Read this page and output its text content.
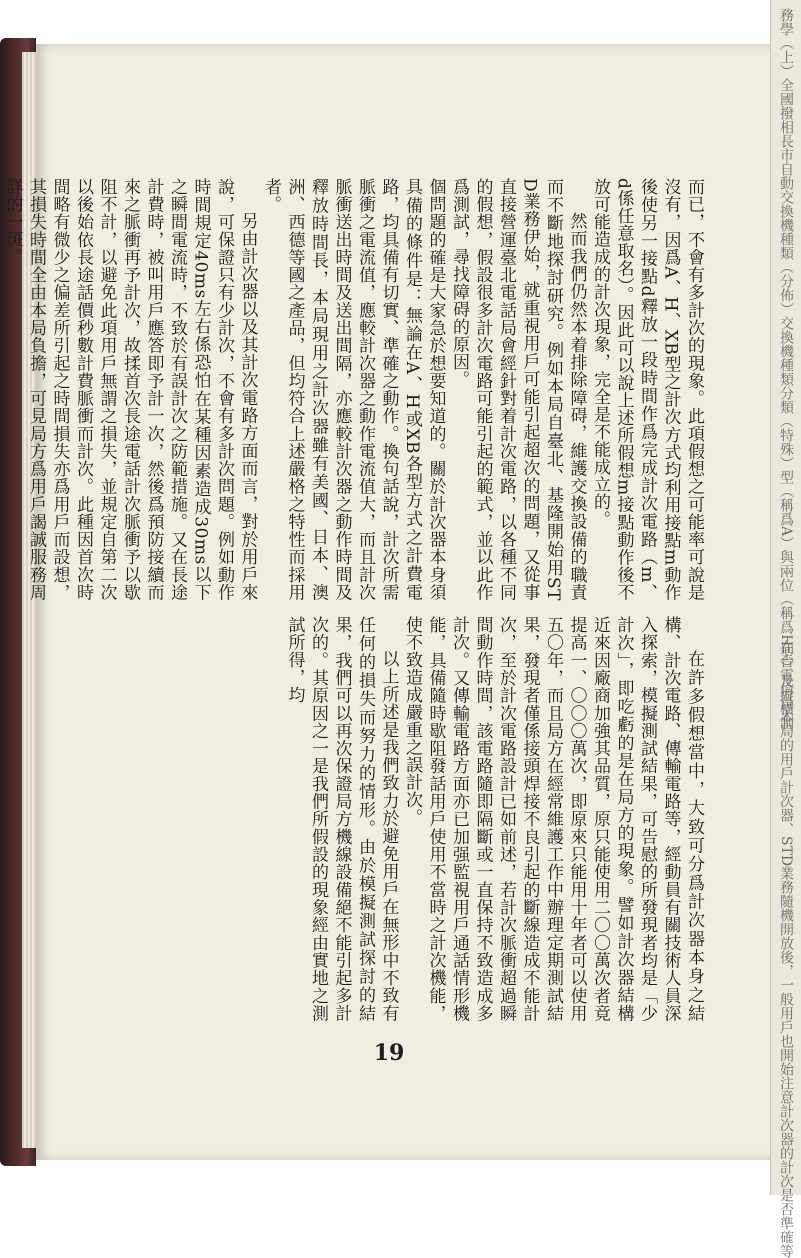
而已，不會有多計次的現象。此項假想之可能率可說是沒有，因爲A、H、XB型之計次方式均利用接點m動作後使另一接點d釋放一段時間作爲完成計次電路（m、d係任意取名）。因此可以說上述所假想m接點動作後不放可能造成的計次現象，完全是不能成立的。

然而我們仍然本着排除障碍，維護交換設備的職責而不斷地探討研究。例如本局自臺北、基隆開始用ST D業務伊始，就重視用戶可能引起超次的問題，又從事直接營運臺北電話局會經針對着計次電路，以各種不同的假想，假設很多計次電路可能引起的範式，並以此作爲測試，尋找障碍的原因。

個問題的確是大家急於想要知道的。關於計次器本身須具備的條件是：無論在A、H或XB各型方式之計費電路，均具備有切實、準確之動作。換句話說，計次所需脈衝之電流值，應較計次器之動作電流值大，而且計次脈衝送出時間及送出間隔，亦應較計次器之動作時間及釋放時間長，本局現用之計次器雖有美國、日本、澳洲、西德等國之產品，但均符合上述嚴格之特性而採用者。

另由計次器以及其計次電路方面而言，對於用戶來說，可保證只有少計次，不會有多計次問題。例如動作時間規定40ms左右係恐怕在某種因素造成30ms以下之瞬間電流時，不致於有誤計次之防範措施。又在長途計費時，被叫用戶應答即予計一次，然後爲預防接續而來之脈衝再予計次，故揉首次長途電話計次脈衝予以歇阻不計，以避免此項用戶無謂之損失，並規定自第二次以後始依長途話價秒數計費脈衝而計次。此種因首次時間略有微少之偏差所引起之時間損失亦爲用戶而設想，其損失時間全由本局負擔，可見局方爲用戶謁誠服務周詳的一斑。

在許多假想當中，大致可分爲計次器本身之結構、計次電路、傳輸電路等，經動員有關技術人員深入探索，模擬測試結果，可告慰的所發現者均是「少計次」，即吃虧的是在局方的現象。譬如計次器結構近來因廠商加強其品質，原只能使用二〇〇萬次者竟提高一、〇〇〇萬次，即原來只能用十年者可以使用五〇年，而且局方在經常維護工作中辦理定期測試結果，發現者僅係接頭焊接不良引起的斷線造成不能計次，至於計次電路設計已如前述，若計次脈衝超過瞬間動作時間，該電路隨即隔斷或一直保持不致造成多計次。又傳輸電路方面亦已加强監視用戶通話情形機能，具備隨時歇阻發話用戶使用不當時之計次機能，使不致造成嚴重之誤計次。

以上所述是我們致力於避免用戶在無形中不致有任何的損失而努力的情形。由於模擬測試探討的結果，我們可以再次保證局方機線設備絕不能引起多計次的。其原因之一是我們所假設的現象經由實地之測試所得，均

19
務學（上）全國撥相長市自動交換機種類（分佈）交換機種類分類（特殊）型（稱爲A）與兩位（稱爲H型）及縱橫制
在台電信局本局的用戶計次器、STD業務隨機開放後，一般用戶也開始注意計次器的計次是否準確等
